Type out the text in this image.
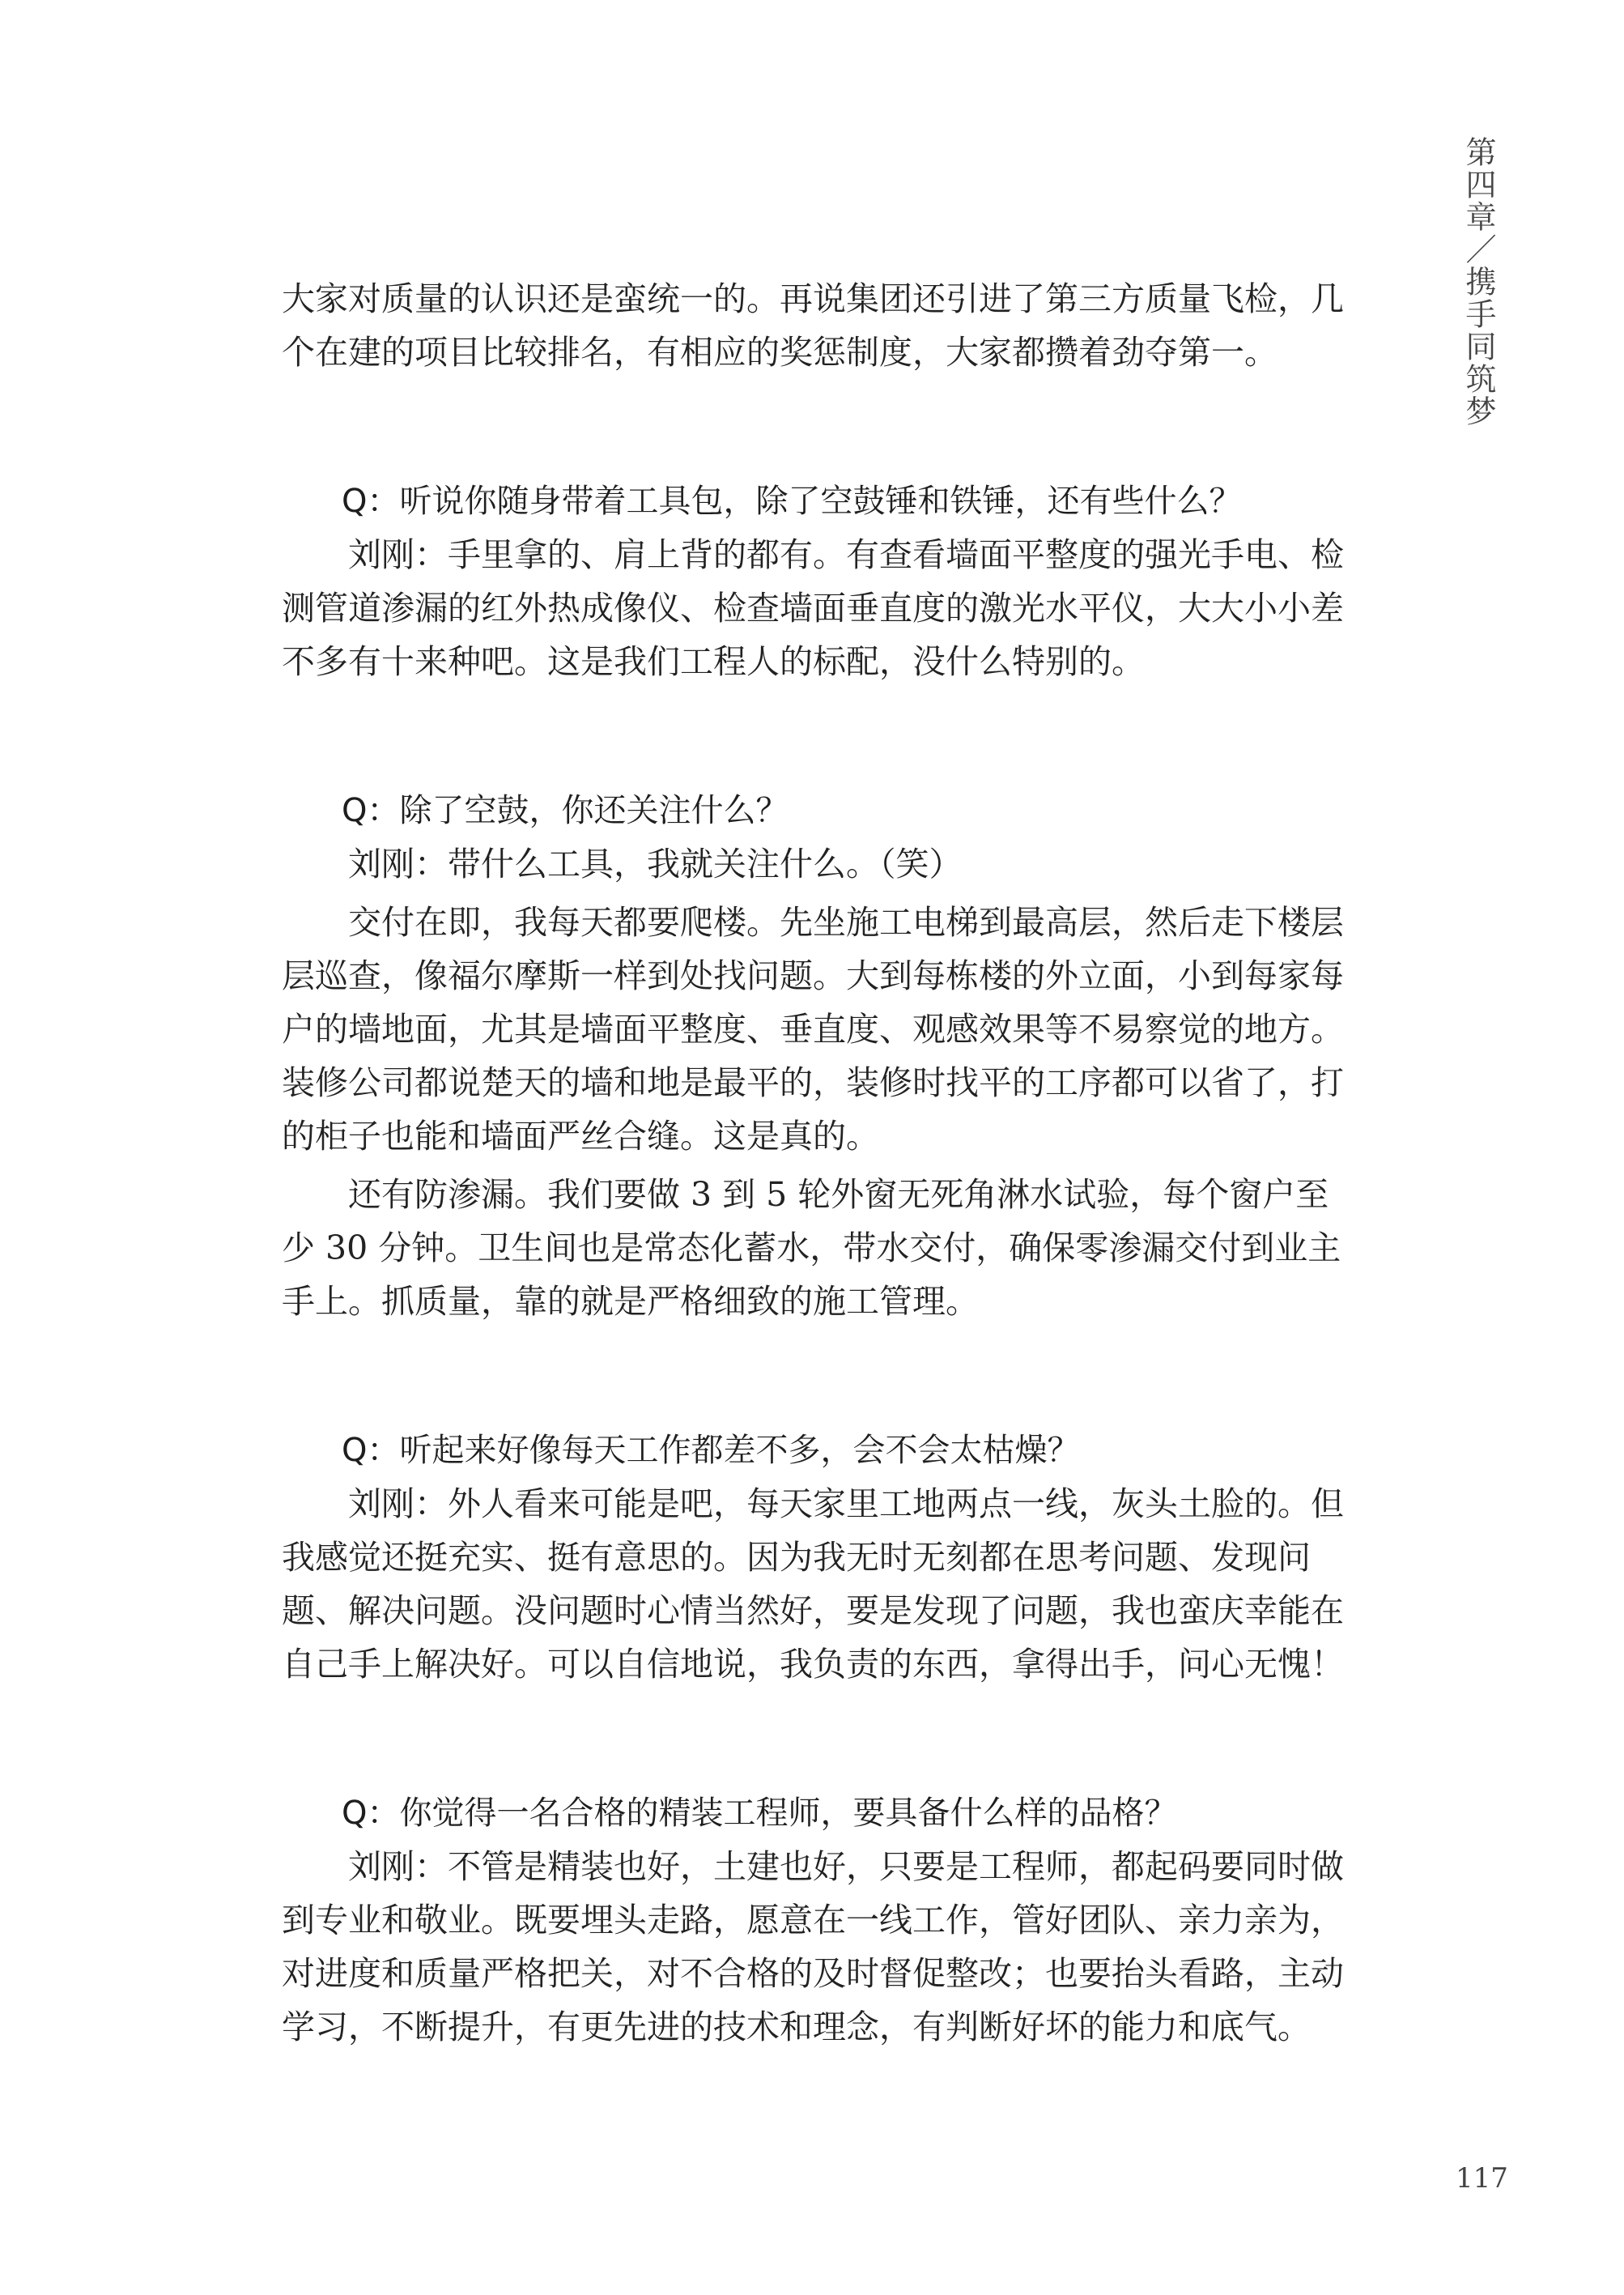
第四章／携手同筑梦

大家对质量的认识还是蛮统一的。再说集团还引进了第三方质量飞检，几个在建的项目比较排名，有相应的奖惩制度，大家都攒着劲夺第一。

Q：听说你随身带着工具包，除了空鼓锤和铁锤，还有些什么？

刘刚：手里拿的、肩上背的都有。有查看墙面平整度的强光手电、检测管道渗漏的红外热成像仪、检查墙面垂直度的激光水平仪，大大小小差不多有十来种吧。这是我们工程人的标配，没什么特别的。

Q：除了空鼓，你还关注什么？

刘刚：带什么工具，我就关注什么。（笑）

交付在即，我每天都要爬楼。先坐施工电梯到最高层，然后走下楼层层巡查，像福尔摩斯一样到处找问题。大到每栋楼的外立面，小到每家每户的墙地面，尤其是墙面平整度、垂直度、观感效果等不易察觉的地方。装修公司都说楚天的墙和地是最平的，装修时找平的工序都可以省了，打的柜子也能和墙面严丝合缝。这是真的。

还有防渗漏。我们要做 3 到 5 轮外窗无死角淋水试验，每个窗户至少 30 分钟。卫生间也是常态化蓄水，带水交付，确保零渗漏交付到业主手上。抓质量，靠的就是严格细致的施工管理。

Q：听起来好像每天工作都差不多，会不会太枯燥？

刘刚：外人看来可能是吧，每天家里工地两点一线，灰头土脸的。但我感觉还挺充实、挺有意思的。因为我无时无刻都在思考问题、发现问题、解决问题。没问题时心情当然好，要是发现了问题，我也蛮庆幸能在自己手上解决好。可以自信地说，我负责的东西，拿得出手，问心无愧！

Q：你觉得一名合格的精装工程师，要具备什么样的品格？

刘刚：不管是精装也好，土建也好，只要是工程师，都起码要同时做到专业和敬业。既要埋头走路，愿意在一线工作，管好团队、亲力亲为，对进度和质量严格把关，对不合格的及时督促整改；也要抬头看路，主动学习，不断提升，有更先进的技术和理念，有判断好坏的能力和底气。

117
